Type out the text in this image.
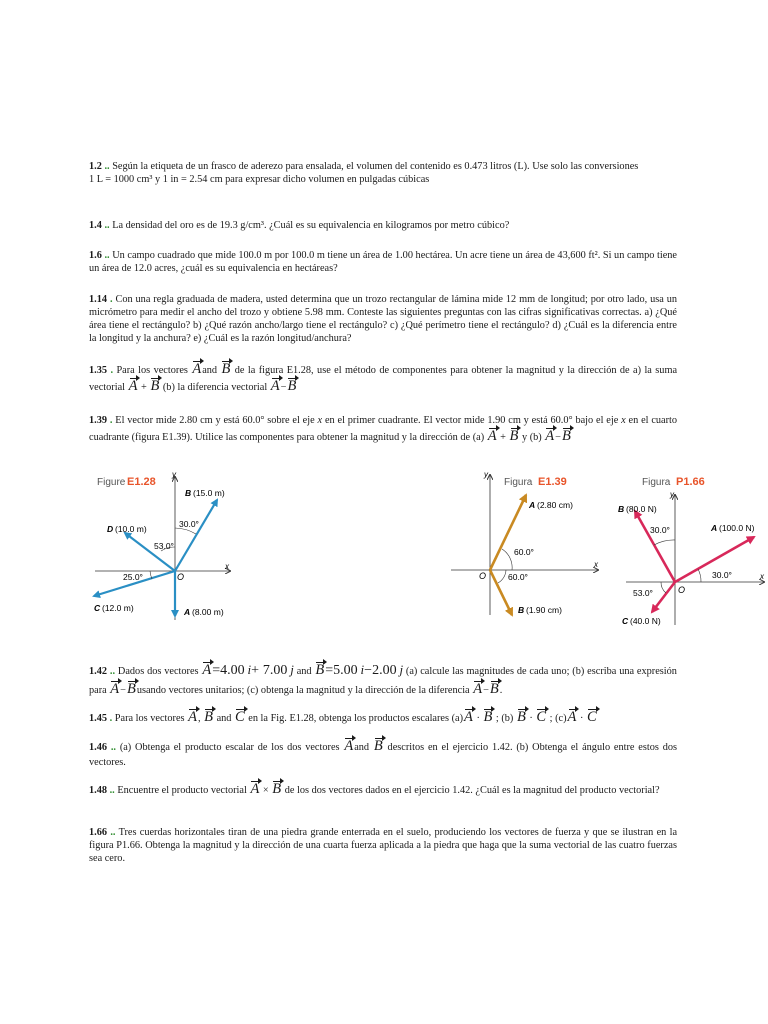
1.2 .. Según la etiqueta de un frasco de aderezo para ensalada, el volumen del contenido es 0.473 litros (L). Use solo las conversiones
1 L = 1000 cm³ y 1 in = 2.54 cm para expresar dicho volumen en pulgadas cúbicas
1.4 .. La densidad del oro es de 19.3 g/cm³. ¿Cuál es su equivalencia en kilogramos por metro cúbico?
1.6 .. Un campo cuadrado que mide 100.0 m por 100.0 m tiene un área de 1.00 hectárea. Un acre tiene un área de 43,600 ft². Si un campo tiene un área de 12.0 acres, ¿cuál es su equivalencia en hectáreas?
1.14 . Con una regla graduada de madera, usted determina que un trozo rectangular de lámina mide 12 mm de longitud; por otro lado, usa un micrómetro para medir el ancho del trozo y obtiene 5.98 mm. Conteste las siguientes preguntas con las cifras significativas correctas. a) ¿Qué área tiene el rectángulo? b) ¿Qué razón ancho/largo tiene el rectángulo? c) ¿Qué perímetro tiene el rectángulo? d) ¿Cuál es la diferencia entre la longitud y la anchura? e) ¿Cuál es la razón longitud/anchura?
1.35 . Para los vectores Aand B de la figura E1.28, use el método de componentes para obtener la magnitud y la dirección de a) la suma vectorial A + B (b) la diferencia vectorial A−B
1.39 . El vector mide 2.80 cm y está 60.0° sobre el eje x en el primer cuadrante. El vector mide 1.90 cm y está 60.0° bajo el eje x en el cuarto cuadrante (figura E1.39). Utilice las componentes para obtener la magnitud y la dirección de (a) A + B y (b) A−B
Figure E1.28
x
y
O
B (15.0 m)
D (10.0 m)
C (12.0 m)	A (8.00 m)
30.0°
53.0°
25.0°
Figura E1.39
x
y
O
A (2.80 cm)
B (1.90 cm)
60.0°
60.0°
Figura P1.66
x
y
O
B (80.0 N)
A (100.0 N)
C (40.0 N)
30.0°
30.0°
53.0°
1.42 .. Dados dos vectores A=4.00 i+ 7.00 j and B=5.00 i−2.00 j (a) calcule las magnitudes de cada uno; (b) escriba una expresión para A−Busando vectores unitarios; (c) obtenga la magnitud y la dirección de la diferencia A−B.
1.45 . Para los vectores A, B and C en la Fig. E1.28, obtenga los productos escalares (a)A · B ; (b) B · C ; (c)A · C
1.46 .. (a) Obtenga el producto escalar de los dos vectores Aand B descritos en el ejercicio 1.42. (b) Obtenga el ángulo entre estos dos vectores.
1.48 .. Encuentre el producto vectorial A × B de los dos vectores dados en el ejercicio 1.42. ¿Cuál es la magnitud del producto vectorial?
1.66 .. Tres cuerdas horizontales tiran de una piedra grande enterrada en el suelo, produciendo los vectores de fuerza y que se ilustran en la figura P1.66. Obtenga la magnitud y la dirección de una cuarta fuerza aplicada a la piedra que haga que la suma vectorial de las cuatro fuerzas sea cero.
